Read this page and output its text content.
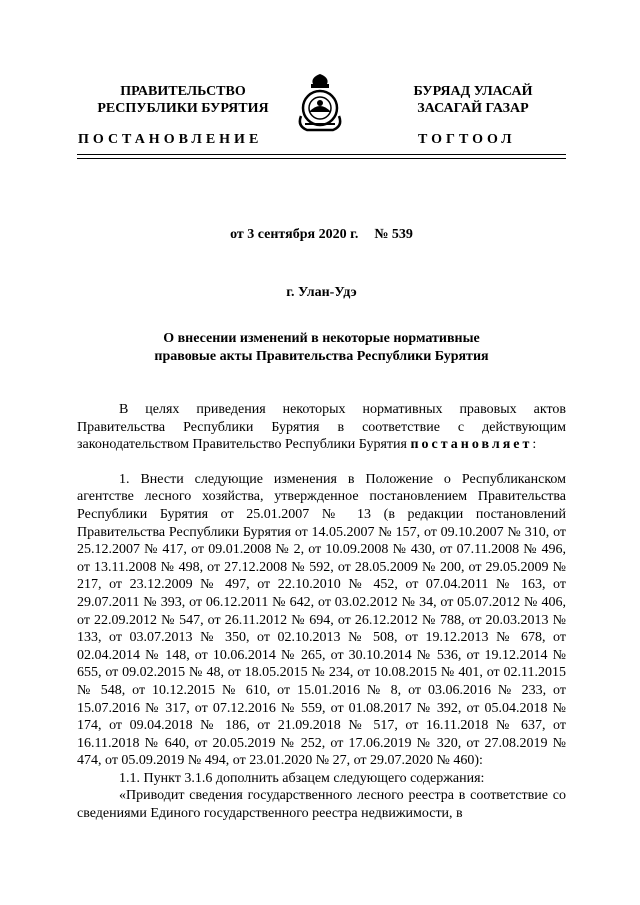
ПРАВИТЕЛЬСТВО
РЕСПУБЛИКИ БУРЯТИЯ
БУРЯАД УЛАСАЙ
ЗАСАГАЙ ГАЗАР
ПОСТАНОВЛЕНИЕ	ТОГТООЛ
от 3 сентября 2020 г. № 539
г. Улан-Удэ
О внесении изменений в некоторые нормативные
правовые акты Правительства Республики Бурятия

В целях приведения некоторых нормативных правовых актов Правительства Республики Бурятия в соответствие с действующим законодательством Правительство Республики Бурятия постановляет:

1. Внести следующие изменения в Положение о Республиканском агентстве лесного хозяйства, утвержденное постановлением Правительства Республики Бурятия от 25.01.2007 № 13 (в редакции постановлений Правительства Республики Бурятия от 14.05.2007 № 157, от 09.10.2007 № 310, от 25.12.2007 № 417, от 09.01.2008 № 2, от 10.09.2008 № 430, от 07.11.2008 № 496, от 13.11.2008 № 498, от 27.12.2008 № 592, от 28.05.2009 № 200, от 29.05.2009 № 217, от 23.12.2009 № 497, от 22.10.2010 № 452, от 07.04.2011 № 163, от 29.07.2011 № 393, от 06.12.2011 № 642, от 03.02.2012 № 34, от 05.07.2012 № 406, от 22.09.2012 № 547, от 26.11.2012 № 694, от 26.12.2012 № 788, от 20.03.2013 № 133, от 03.07.2013 № 350, от 02.10.2013 № 508, от 19.12.2013 № 678, от 02.04.2014 № 148, от 10.06.2014 № 265, от 30.10.2014 № 536, от 19.12.2014 № 655, от 09.02.2015 № 48, от 18.05.2015 № 234, от 10.08.2015 № 401, от 02.11.2015 № 548, от 10.12.2015 № 610, от 15.01.2016 № 8, от 03.06.2016 № 233, от 15.07.2016 № 317, от 07.12.2016 № 559, от 01.08.2017 № 392, от 05.04.2018 № 174, от 09.04.2018 № 186, от 21.09.2018 № 517, от 16.11.2018 № 637, от 16.11.2018 № 640, от 20.05.2019 № 252, от 17.06.2019 № 320, от 27.08.2019 № 474, от 05.09.2019 № 494, от 23.01.2020 № 27, от 29.07.2020 № 460):

1.1. Пункт 3.1.6 дополнить абзацем следующего содержания:

«Приводит сведения государственного лесного реестра в соответствие со сведениями Единого государственного реестра недвижимости, в
